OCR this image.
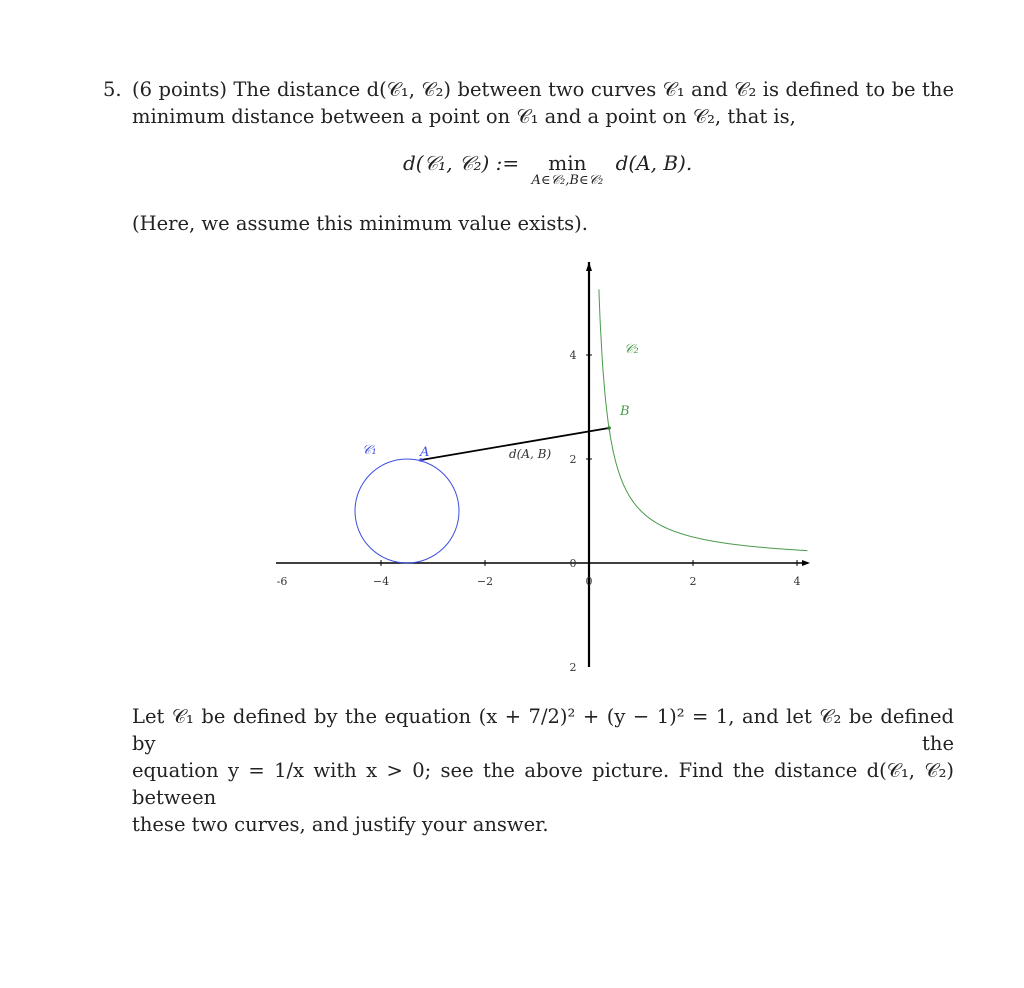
5. (6 points) The distance d(𝒞₁, 𝒞₂) between two curves 𝒞₁ and 𝒞₂ is defined to be the
minimum distance between a point on 𝒞₁ and a point on 𝒞₂, that is,
d(𝒞₁, 𝒞₂) := min
A∈𝒞₂,B∈𝒞₂
d(A, B).
(Here, we assume this minimum value exists).
-6	−4	−2	0	2	4
4
2
0
2
𝒞₁	A
𝒞₂
B
d(A, B)
Let 𝒞₁ be defined by the equation (x + 7/2)² + (y − 1)² = 1, and let 𝒞₂ be defined by the
equation y = 1/x with x > 0; see the above picture. Find the distance d(𝒞₁, 𝒞₂) between
these two curves, and justify your answer.
